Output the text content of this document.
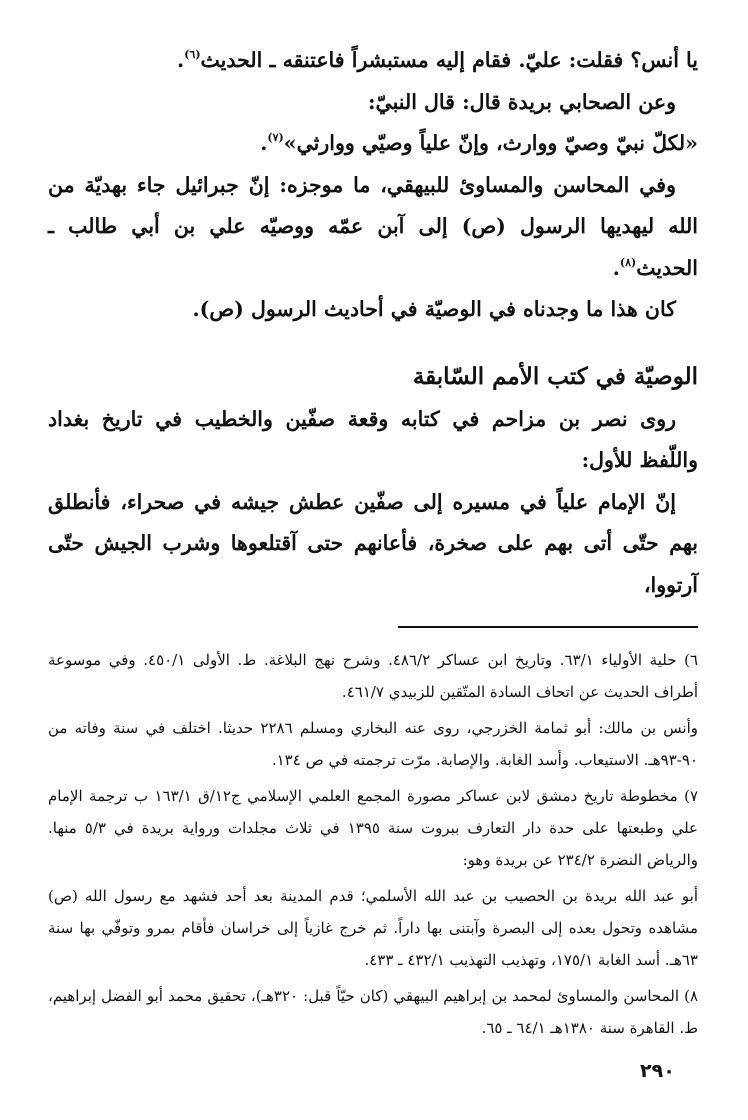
يا أنس؟ فقلت: عليّ. فقام إليه مستبشراً فاعتنقه ـ الحديث$^{(٦)}$.

وعن الصحابي بريدة قال: قال النبيّ:

«لكلّ نبيّ وصيّ ووارث، وإنّ علياً وصيّي ووارثي»$^{(٧)}$.

وفي المحاسن والمساوئ للبيهقي، ما موجزه: إنّ جبرائيل جاء بهديّة من الله ليهديها الرسول (ص) إلى آبن عمّه ووصيّه علي بن أبي طالب ـ الحديث$^{(٨)}$.

كان هذا ما وجدناه في الوصيّة في أحاديث الرسول (ص).

الوصيّة في كتب الأمم السّابقة

روى نصر بن مزاحم في كتابه وقعة صفّين والخطيب في تاريخ بغداد واللّفظ للأول:

إنّ الإمام علياً في مسيره إلى صفّين عطش جيشه في صحراء، فأنطلق بهم حتّى أتى بهم على صخرة، فأعانهم حتى آقتلعوها وشرب الجيش حتّى آرتووا،

٦) حلية الأولياء ٦٣/١. وتاريخ ابن عساكر ٤٨٦/٢. وشرح نهج البلاغة. ط. الأولى ٤٥٠/١. وفي موسوعة أطراف الحديث عن اتحاف السادة المتّقين للزبيدي ٤٦١/٧.

وأنس بن مالك: أبو ثمامة الخزرجي، روى عنه البخاري ومسلم ٢٢٨٦ حديثا. اختلف في سنة وفاته من ٩٠-٩٣هـ. الاستيعاب. وأسد الغابة. والإصابة. مرّت ترجمته في ص ١٣٤.

٧) مخطوطة تاريخ دمشق لابن عساكر مصورة المجمع العلمي الإسلامي ج١٢/ق ١٦٣/١ ب ترجمة الإمام علي وطبعتها على حدة دار التعارف ببروت سنة ١٣٩٥ في ثلاث مجلدات ورواية بريدة في ٥/٣ منها. والرياض النضرة ٢٣٤/٢ عن بريدة وهو:

أبو عبد الله بريدة بن الحصيب بن عبد الله الأسلمي؛ قدم المدينة بعد أحد فشهد مع رسول الله (ص) مشاهده وتحول بعده إلى البصرة وآبتنى بها داراً. ثم خرج غازياً إلى خراسان فأقام بمرو وتوفّي بها سنة ٦٣هـ. أسد الغابة ١٧٥/١، وتهذيب التهذيب ٤٣٢/١ ـ ٤٣٣.

٨) المحاسن والمساوئ لمحمد بن إبراهيم البيهقي (كان حيّاً قبل: ٣٢٠هـ)، تحقيق محمد أبو الفضل إبراهيم، ط. القاهرة سنة ١٣٨٠هـ ٦٤/١ ـ ٦٥.

٢٩٠
